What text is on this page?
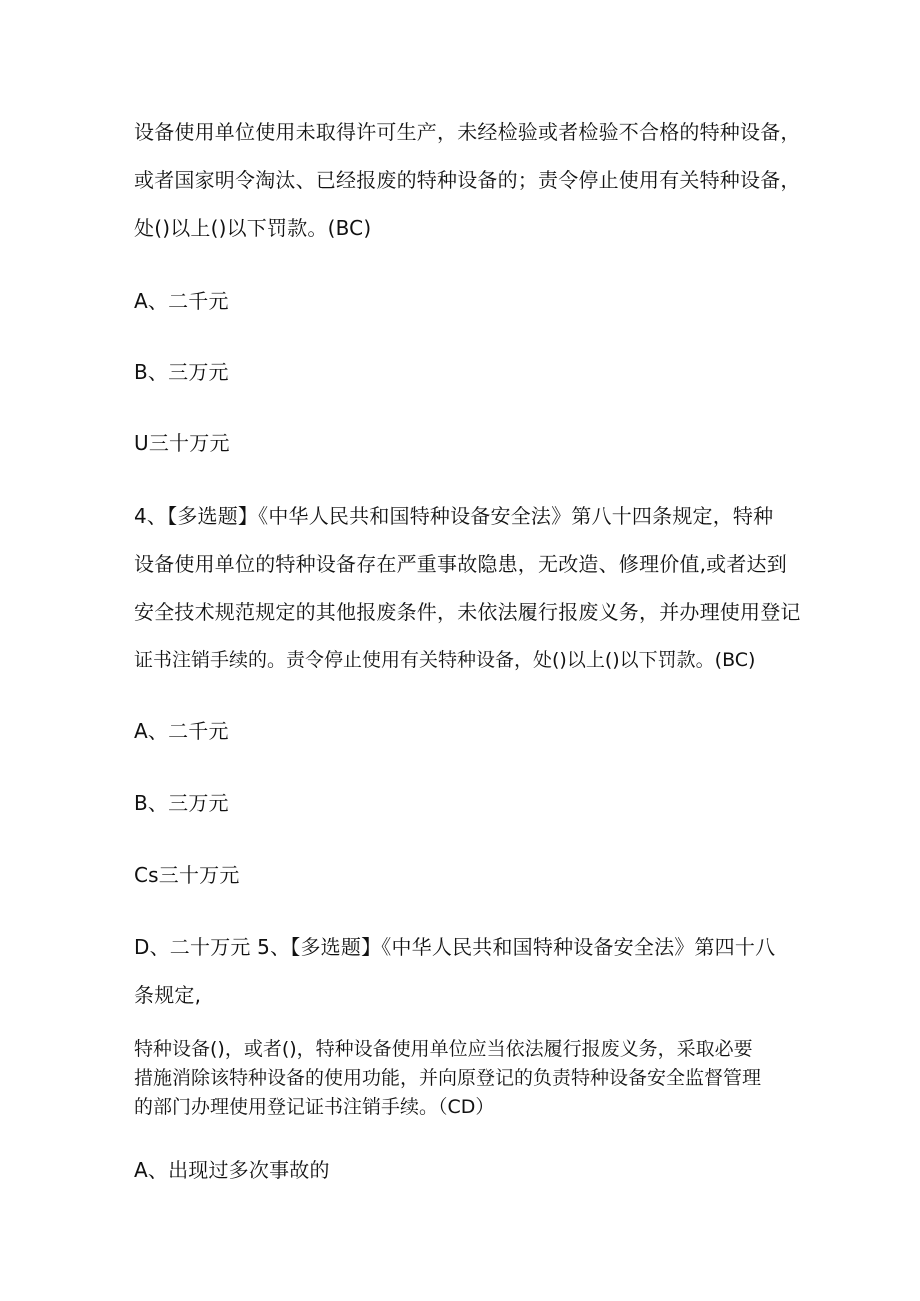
设备使用单位使用未取得许可生产，未经检验或者检验不合格的特种设备，
或者国家明令淘汰、已经报废的特种设备的；责令停止使用有关特种设备，
处()以上()以下罚款。(BC)
A、二千元
B、三万元
U三十万元
4、【多选题】《中华人民共和国特种设备安全法》第八十四条规定，特种
设备使用单位的特种设备存在严重事故隐患，无改造、修理价值,或者达到
安全技术规范规定的其他报废条件，未依法履行报废义务，并办理使用登记
证书注销手续的。责令停止使用有关特种设备，处()以上()以下罚款。(BC)
A、二千元
B、三万元
Cs三十万元
D、二十万元 5、【多选题】《中华人民共和国特种设备安全法》第四十八
条规定,
特种设备()，或者()，特种设备使用单位应当依法履行报废义务，采取必要
措施消除该特种设备的使用功能，并向原登记的负责特种设备安全监督管理
的部门办理使用登记证书注销手续。（CD）
A、出现过多次事故的
